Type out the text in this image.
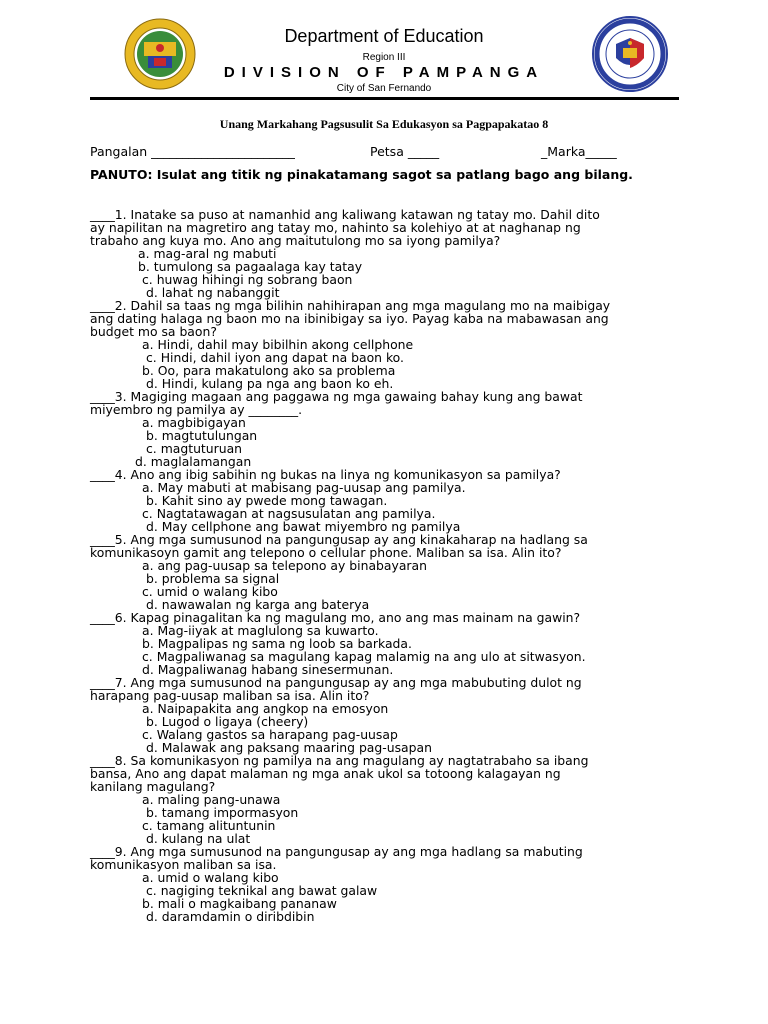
Department of Education
Region III
DIVISION OF PAMPANGA
City of San Fernando
Unang Markahang Pagsusulit Sa Edukasyon sa Pagpapakatao 8
Pangalan _______________________	Petsa _____	_Marka_____
PANUTO: Isulat ang titik ng pinakatamang sagot sa patlang bago ang bilang.
____1. Inatake sa puso at namanhid ang kaliwang katawan ng tatay mo. Dahil dito
ay napilitan na magretiro ang tatay mo, nahinto sa kolehiyo at at naghanap ng
trabaho ang kuya mo. Ano ang maitutulong mo sa iyong pamilya?
a. mag-aral ng mabuti
b. tumulong sa pagaalaga kay tatay
c. huwag hihingi ng sobrang baon
d. lahat ng nabanggit
____2. Dahil sa taas ng mga bilihin nahihirapan ang mga magulang mo na maibigay
ang dating halaga ng baon mo na ibinibigay sa iyo. Payag kaba na mabawasan ang
budget mo sa baon?
a. Hindi, dahil may bibilhin akong cellphone
c. Hindi, dahil iyon ang dapat na baon ko.
b. Oo, para makatulong ako sa problema
d. Hindi, kulang pa nga ang baon ko eh.
____3. Magiging magaan ang paggawa ng mga gawaing bahay kung ang bawat
miyembro ng pamilya ay ________.
a. magbibigayan
b. magtutulungan
c. magtuturuan
d. maglalamangan
____4. Ano ang ibig sabihin ng bukas na linya ng komunikasyon sa pamilya?
a. May mabuti at mabisang pag-uusap ang pamilya.
b. Kahit sino ay pwede mong tawagan.
c. Nagtatawagan at nagsusulatan ang pamilya.
d. May cellphone ang bawat miyembro ng pamilya
____5. Ang mga sumusunod na pangungusap ay ang kinakaharap na hadlang sa
komunikasoyn gamit ang telepono o cellular phone. Maliban sa isa. Alin ito?
a. ang pag-uusap sa telepono ay binabayaran
b. problema sa signal
c. umid o walang kibo
d. nawawalan ng karga ang baterya
____6. Kapag pinagalitan ka ng magulang mo, ano ang mas mainam na gawin?
a. Mag-iiyak at maglulong sa kuwarto.
b. Magpalipas ng sama ng loob sa barkada.
c. Magpaliwanag sa magulang kapag malamig na ang ulo at sitwasyon.
d. Magpaliwanag habang sinesermunan.
____7. Ang mga sumusunod na pangungusap ay ang mga mabubuting dulot ng
harapang pag-uusap maliban sa isa. Alin ito?
a. Naipapakita ang angkop na emosyon
b. Lugod o ligaya (cheery)
c. Walang gastos sa harapang pag-uusap
d. Malawak ang paksang maaring pag-usapan
____8. Sa komunikasyon ng pamilya na ang magulang ay nagtatrabaho sa ibang
bansa, Ano ang dapat malaman ng mga anak ukol sa totoong kalagayan ng
kanilang magulang?
a. maling pang-unawa
b. tamang impormasyon
c. tamang alituntunin
d. kulang na ulat
____9. Ang mga sumusunod na pangungusap ay ang mga hadlang sa mabuting
komunikasyon maliban sa isa.
a. umid o walang kibo
c. nagiging teknikal ang bawat galaw
b. mali o magkaibang pananaw
d. daramdamin o diribdibin
